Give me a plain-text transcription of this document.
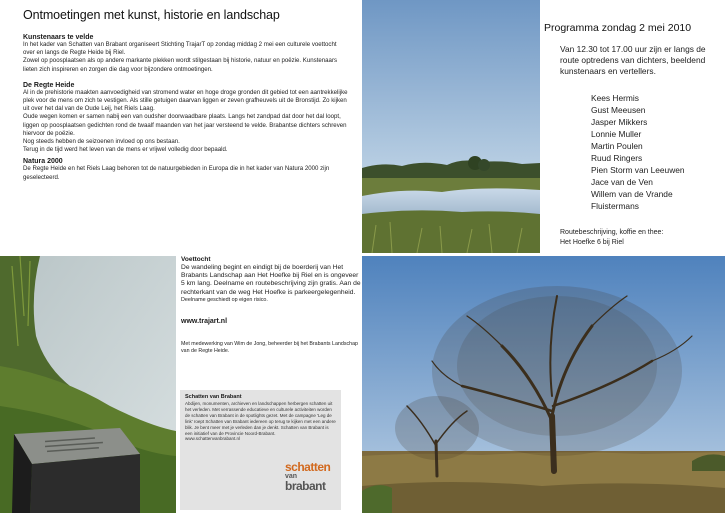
Ontmoetingen met kunst, historie en landschap
Kunstenaars te velde

In het kader van Schatten van Brabant organiseert Stichting TrajarT op zondag middag 2 mei een culturele voettocht over en langs de Regte Heide bij Riel.

Zowel op poosplaatsen als op andere markante plekken wordt stilgestaan bij historie, natuur en poëzie. Kunstenaars lieten zich inspireren en zorgen die dag voor bijzondere ontmoetingen.

De Regte Heide

Al in de prehistorie maakten aanvoedigheid van stromend water en hoge droge gronden dit gebied tot een aantrekkelijke plek voor de mens om zich te vestigen. Als stille getuigen daarvan liggen er zeven grafheuvels uit de Bronstijd. Zo kijken uit over het dal van de Oude Leij, het Riels Laag.

Oude wegen komen er samen nabij een van oudsher doorwaadbare plaats. Langs het zandpad dat door het dal loopt, liggen op poosplaatsen gedichten rond de twaalf maanden van het jaar versteend te velde. Brabantse dichters schreven hiervoor de poëzie.

Nog steeds hebben de seizoenen invloed op ons bestaan.

Terug in de tijd werd het leven van de mens er vrijwel volledig door bepaald.

Natura 2000

De Regte Heide en het Riels Laag behoren tot de natuurgebieden in Europa die in het kader van Natura 2000 zijn geselecteerd.

Programma zondag 2 mei 2010
Van 12.30 tot 17.00 uur zijn er langs de route optredens van dichters, beeldend kunstenaars en vertellers.
Kees Hermis
Gust Meeusen
Jasper Mikkers
Lonnie Muller
Martin Poulen
Ruud Ringers
Pien Storm van Leeuwen
Jace van de Ven
Willem van de Vrande
Fluistermans
Routebeschrijving, koffie en thee:
Het Hoefke 6 bij Riel
Voettocht

De wandeling begint en eindigt bij de boerderij van Het Brabants Landschap aan Het Hoefke bij Riel en is ongeveer 5 km lang. Deelname en routebeschrijving zijn gratis. Aan de rechterkant van de weg Het Hoefke is parkeergelegenheid.

Deelname geschiedt op eigen risico.

www.trajart.nl
Met medewerking van Wim de Jong, beheerder bij het Brabants Landschap van de Regte Heide.
Schatten van Brabant
Abdijen, monumenten, archieven en landschappen herbergen schatten uit het verleden. Met verrassende educatieve en culturele activiteiten worden de schatten van Brabant in de spotlights gezet. Met de campagne 'Leg de link' roept Schatten van Brabant iedereen op terug te kijken met een andere blik. Je bent meer met je verleden dan je denkt. Schatten van Brabant is een initiatief van de Provincie Noord-Brabant.
www.schattenvanbrabant.nl
schatten
van
brabant
